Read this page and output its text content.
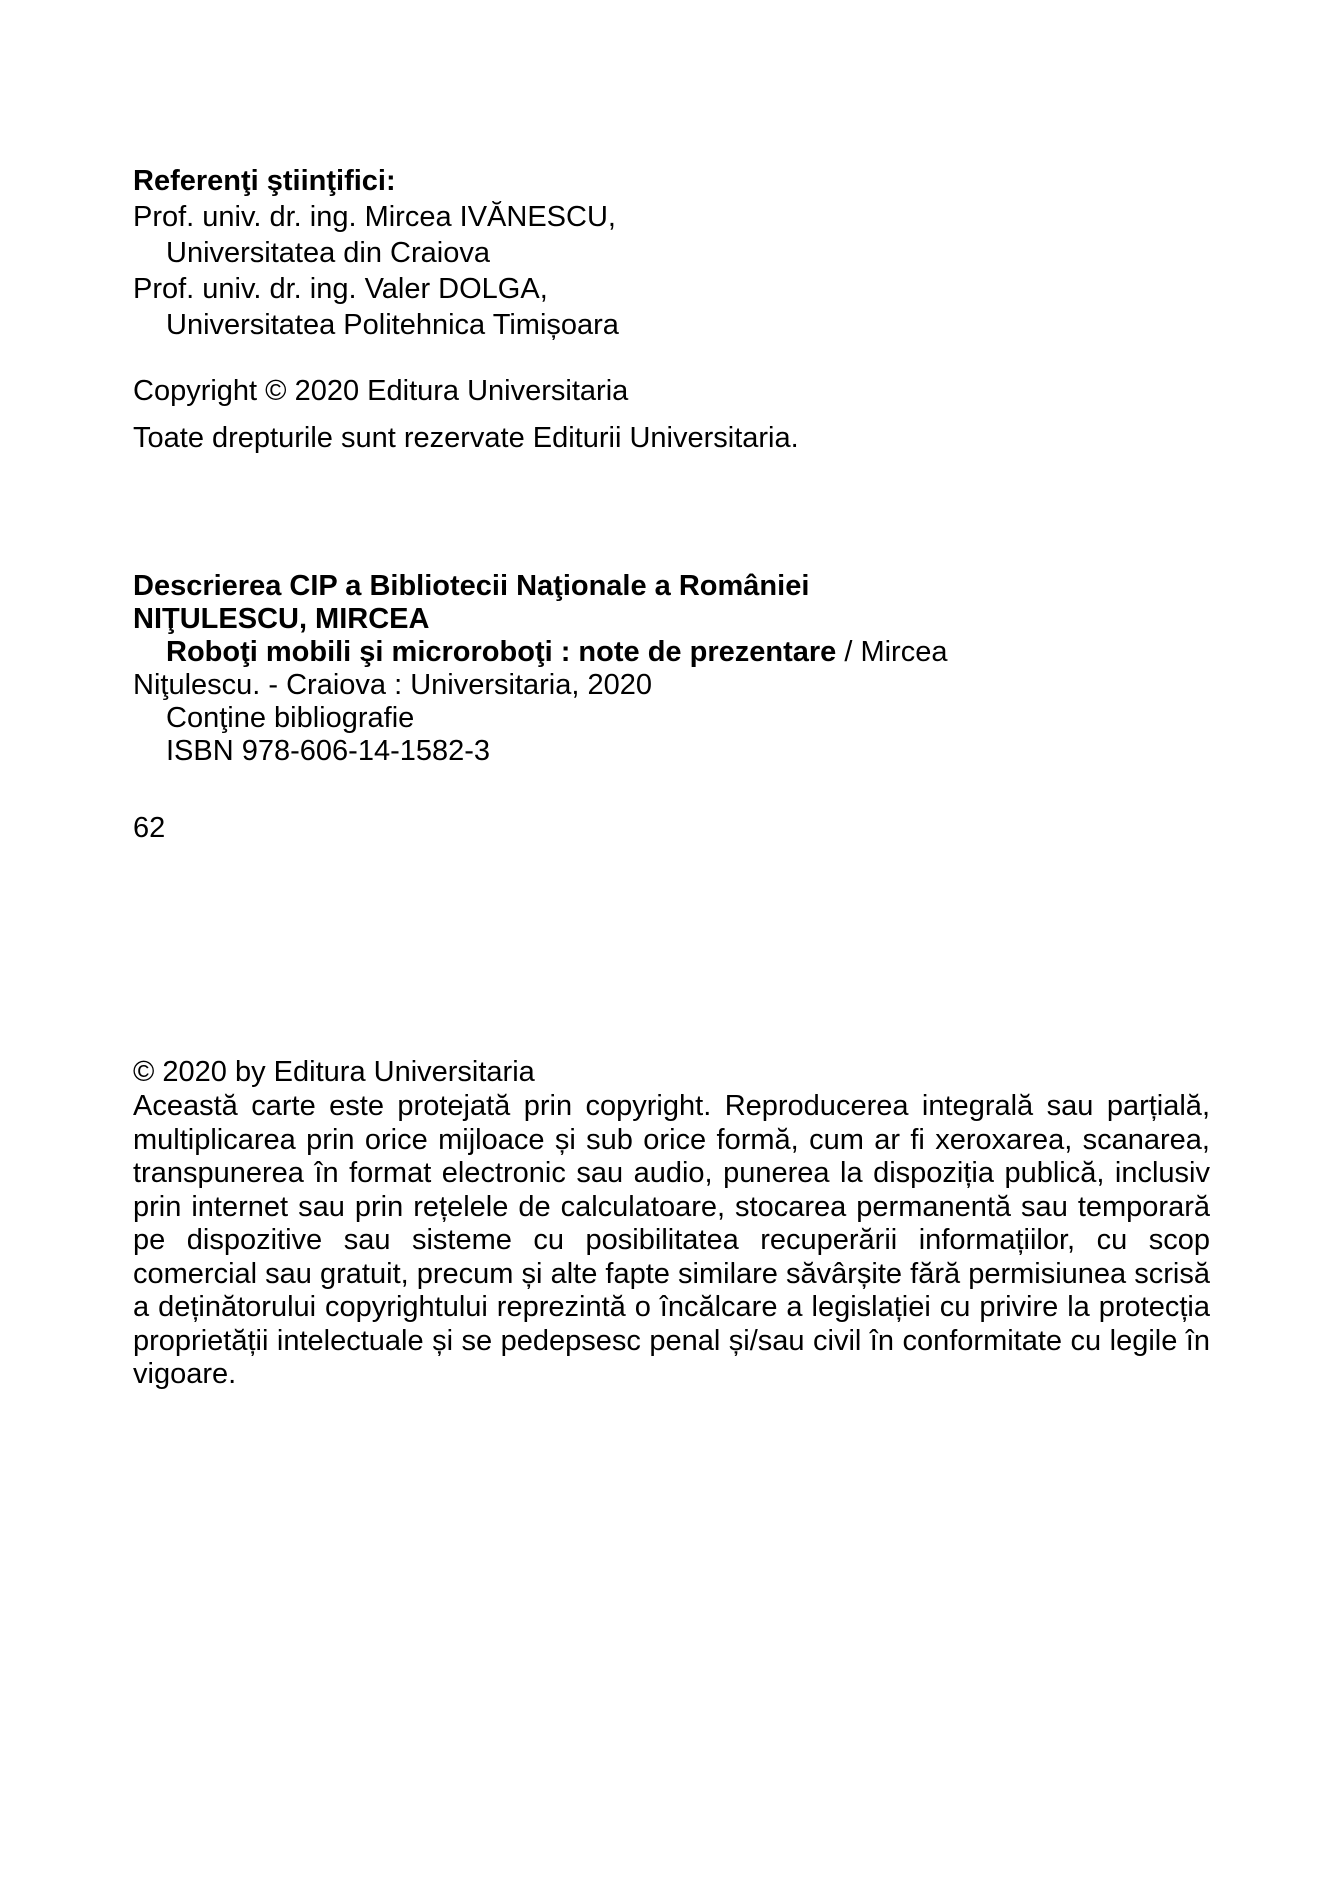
Referenţi ştiinţifici:
Prof. univ. dr. ing. Mircea IVĂNESCU,
Universitatea din Craiova
Prof. univ. dr. ing. Valer DOLGA,
Universitatea Politehnica Timișoara
Copyright © 2020 Editura Universitaria
Toate drepturile sunt rezervate Editurii Universitaria.
Descrierea CIP a Bibliotecii Naţionale a României
NIŢULESCU, MIRCEA
Roboţi mobili şi microroboţi : note de prezentare / Mircea
Niţulescu. - Craiova : Universitaria, 2020
Conţine bibliografie
ISBN 978-606-14-1582-3
62
© 2020 by Editura Universitaria
Această carte este protejată prin copyright. Reproducerea integrală sau parțială, multiplicarea prin orice mijloace și sub orice formă, cum ar fi xeroxarea, scanarea, transpunerea în format electronic sau audio, punerea la dispoziția publică, inclusiv prin internet sau prin rețelele de calculatoare, stocarea permanentă sau temporară pe dispozitive sau sisteme cu posibilitatea recuperării informațiilor, cu scop comercial sau gratuit, precum și alte fapte similare săvârșite fără permisiunea scrisă a deținătorului copyrightului reprezintă o încălcare a legislației cu privire la protecția proprietății intelectuale și se pedepsesc penal și/sau civil în conformitate cu legile în vigoare.
